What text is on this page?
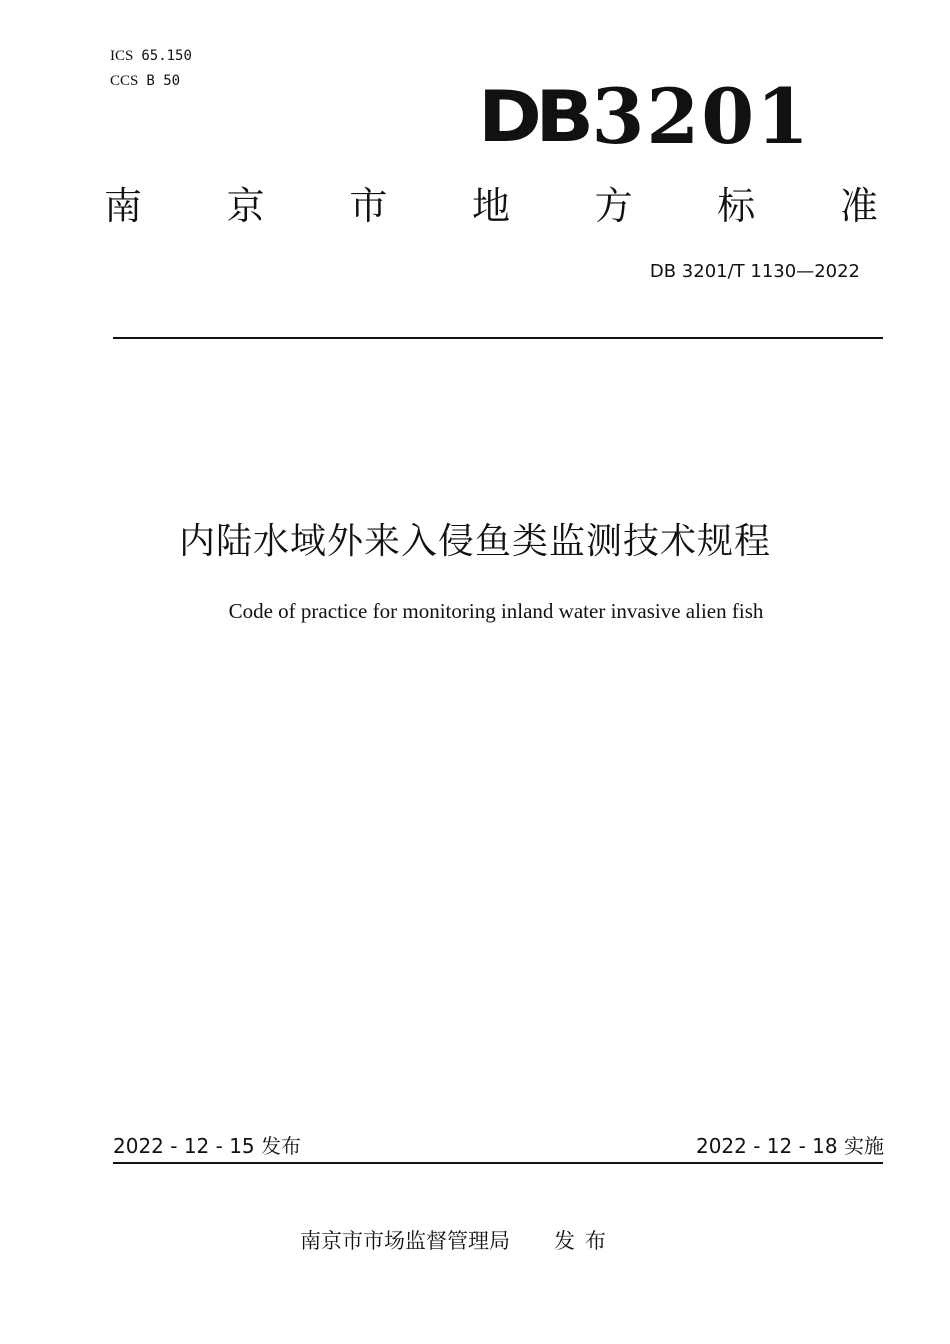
ICS 65.150
CCS B 50	DB3201
南 京 市 地 方 标 准
DB 3201/T 1130—2022
内陆水域外来入侵鱼类监测技术规程
Code of practice for monitoring inland water invasive alien fish
2022 - 12 - 15 发布	2022 - 12 - 18 实施
南京市市场监督管理局 发布
